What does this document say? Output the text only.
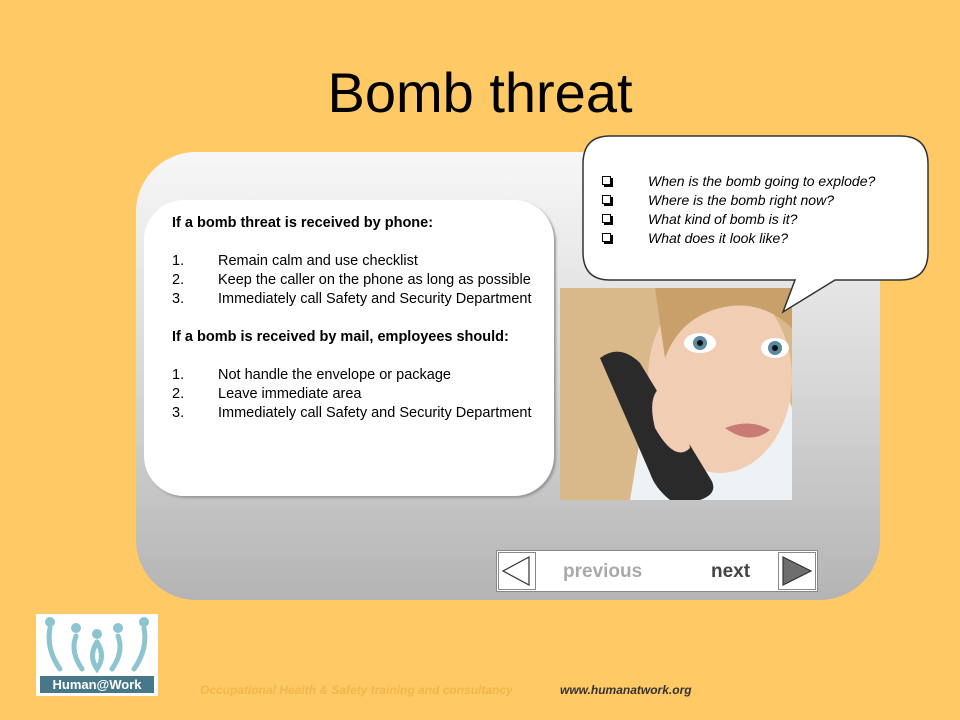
Bomb threat
If a bomb threat is received by phone:
1. Remain calm and use checklist
2. Keep the caller on the phone as long as possible
3. Immediately call Safety and Security Department
If a bomb is received by mail, employees should:
1. Not handle the envelope or package
2. Leave immediate area
3. Immediately call Safety and Security Department
When is the bomb going to explode?
Where is the bomb right now?
What kind of bomb is it?
What does it look like?
previous	next
Human@Work	Occupational Health & Safety training and consultancy	www.humanatwork.org
